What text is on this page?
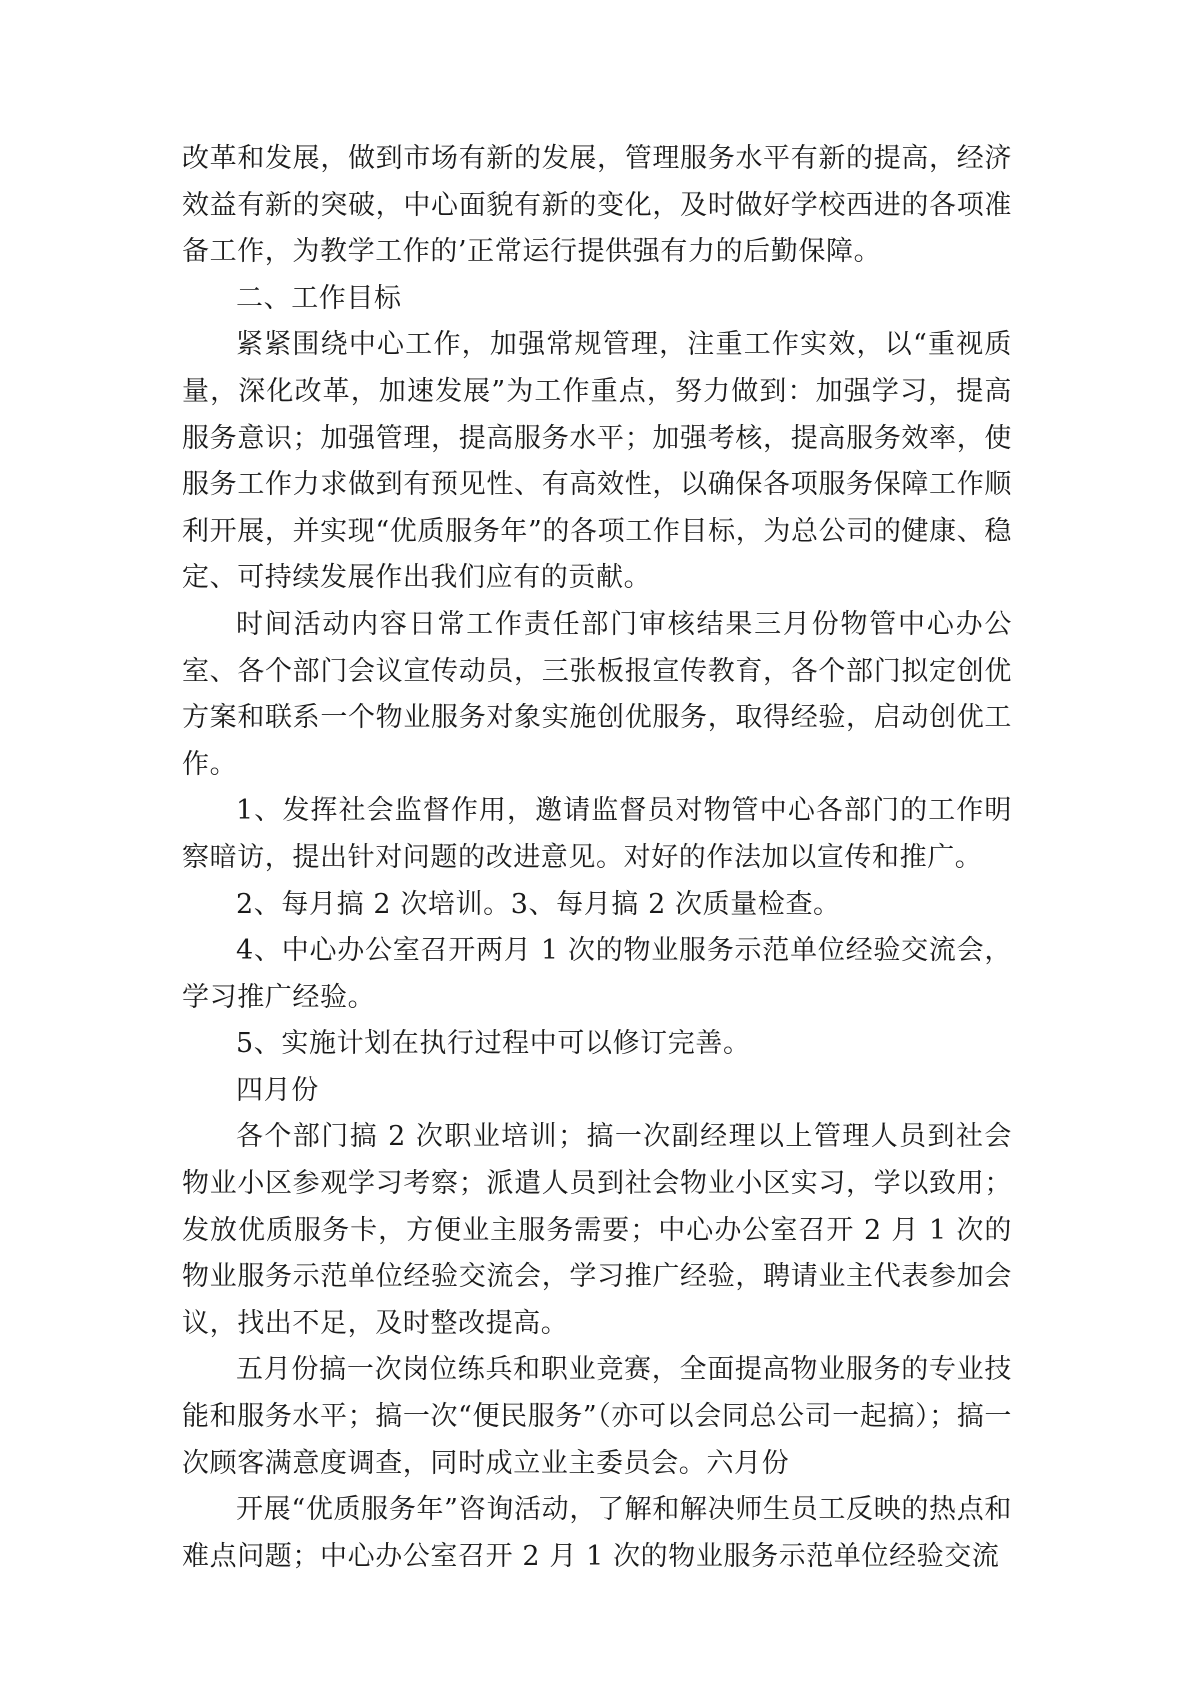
改革和发展，做到市场有新的发展，管理服务水平有新的提高，经济效益有新的突破，中心面貌有新的变化，及时做好学校西进的各项准备工作，为教学工作的’正常运行提供强有力的后勤保障。

二、工作目标

紧紧围绕中心工作，加强常规管理，注重工作实效，以“重视质量，深化改革，加速发展”为工作重点，努力做到：加强学习，提高服务意识；加强管理，提高服务水平；加强考核，提高服务效率，使服务工作力求做到有预见性、有高效性，以确保各项服务保障工作顺利开展，并实现“优质服务年”的各项工作目标，为总公司的健康、稳定、可持续发展作出我们应有的贡献。

时间活动内容日常工作责任部门审核结果三月份物管中心办公室、各个部门会议宣传动员，三张板报宣传教育，各个部门拟定创优方案和联系一个物业服务对象实施创优服务，取得经验，启动创优工作。

1、发挥社会监督作用，邀请监督员对物管中心各部门的工作明察暗访，提出针对问题的改进意见。对好的作法加以宣传和推广。

2、每月搞 2 次培训。3、每月搞 2 次质量检查。

4、中心办公室召开两月 1 次的物业服务示范单位经验交流会，学习推广经验。

5、实施计划在执行过程中可以修订完善。

四月份

各个部门搞 2 次职业培训；搞一次副经理以上管理人员到社会物业小区参观学习考察；派遣人员到社会物业小区实习，学以致用；发放优质服务卡，方便业主服务需要；中心办公室召开 2 月 1 次的物业服务示范单位经验交流会，学习推广经验，聘请业主代表参加会议，找出不足，及时整改提高。

五月份搞一次岗位练兵和职业竞赛，全面提高物业服务的专业技能和服务水平；搞一次“便民服务”（亦可以会同总公司一起搞）；搞一次顾客满意度调查，同时成立业主委员会。六月份

开展“优质服务年”咨询活动，了解和解决师生员工反映的热点和难点问题；中心办公室召开 2 月 1 次的物业服务示范单位经验交流
